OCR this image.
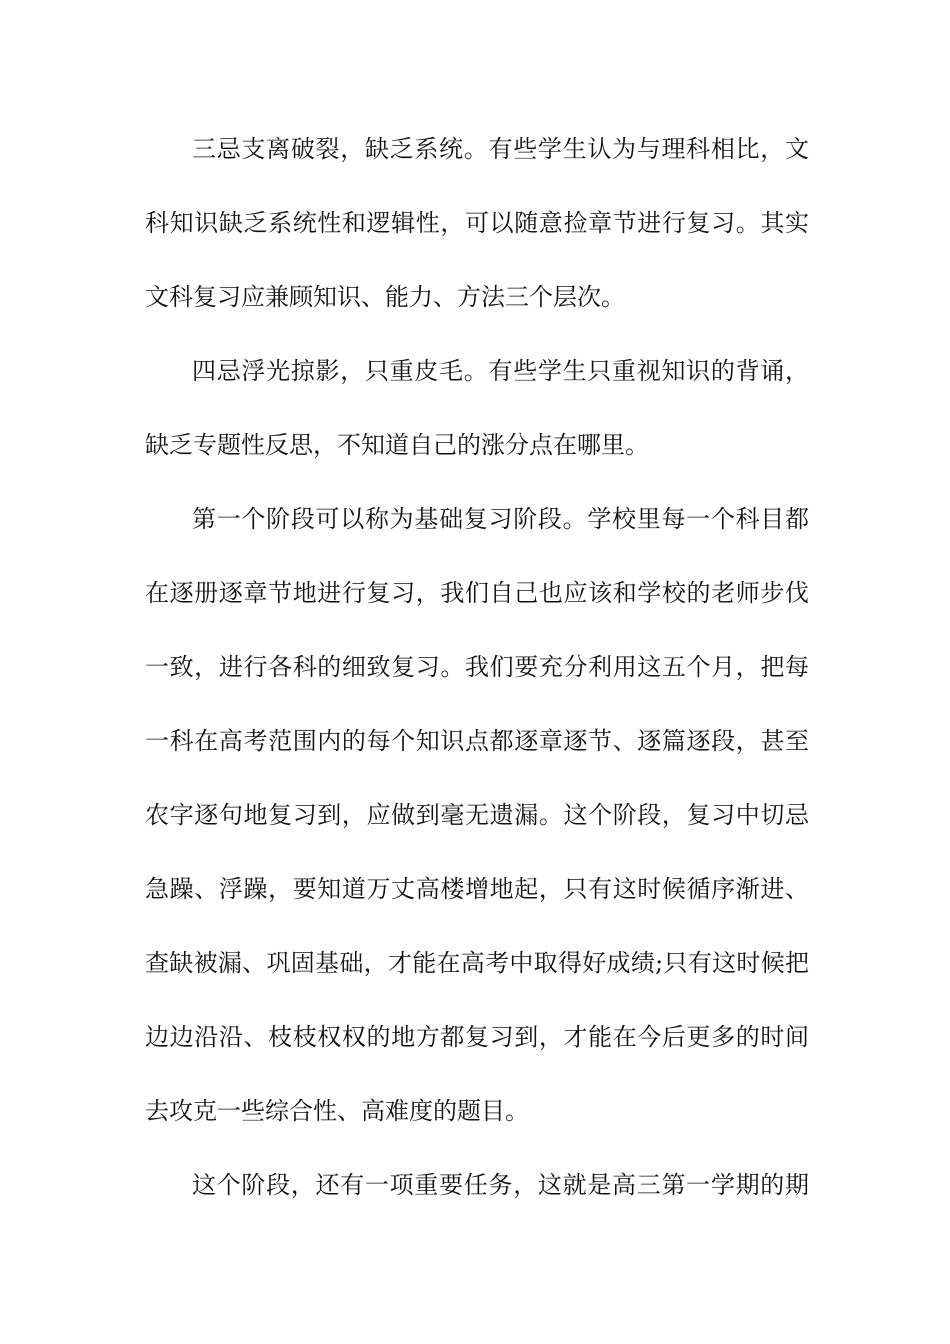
三忌支离破裂，缺乏系统。有些学生认为与理科相比，文
科知识缺乏系统性和逻辑性，可以随意捡章节进行复习。其实
文科复习应兼顾知识、能力、方法三个层次。
四忌浮光掠影，只重皮毛。有些学生只重视知识的背诵，
缺乏专题性反思，不知道自己的涨分点在哪里。
第一个阶段可以称为基础复习阶段。学校里每一个科目都
在逐册逐章节地进行复习，我们自己也应该和学校的老师步伐
一致，进行各科的细致复习。我们要充分利用这五个月，把每
一科在高考范围内的每个知识点都逐章逐节、逐篇逐段，甚至
农字逐句地复习到，应做到毫无遗漏。这个阶段，复习中切忌
急躁、浮躁，要知道万丈高楼增地起，只有这时候循序渐进、
查缺被漏、巩固基础，才能在高考中取得好成绩;只有这时候把
边边沿沿、枝枝权权的地方都复习到，才能在今后更多的时间
去攻克一些综合性、高难度的题目。
这个阶段，还有一项重要任务，这就是高三第一学期的期
